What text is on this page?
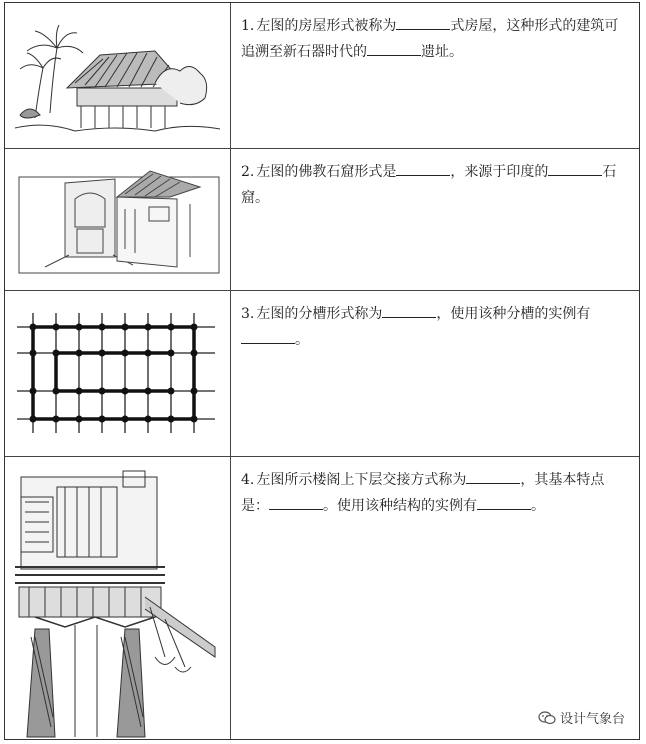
1. 左图的房屋形式被称为	式房屋，这种形式的建筑可追溯至新石器时代的	遗址。
2. 左图的佛教石窟形式是	，来源于印度的	石窟。
3. 左图的分槽形式称为	，使用该种分槽的实例有。
4. 左图所示楼阁上下层交接方式称为	，其基本特点是：	。使用该种结构的实例有	。
设计气象台
